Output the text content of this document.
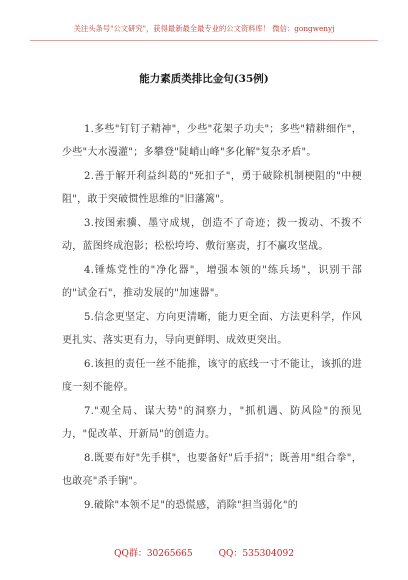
关注头条号"公文研究"，获得最新最全最专业的公文资料库！ 微信：gongwenyj
能力素质类排比金句(35例)

1.多些"钉钉子精神"，少些"花架子功夫"；多些"精耕细作"，少些"大水漫灌"；多攀登"陡峭山峰"多化解"复杂矛盾"。

2.善于解开利益纠葛的"死扣子"，勇于破除机制梗阻的"中梗阻"，敢于突破惯性思维的"旧藩篱"。

3.按图索骥、墨守成规，创造不了奇迹；拨一拨动、不拨不动，蓝图终成泡影；松松垮垮、敷衍塞责，打不赢攻坚战。

4.锤炼党性的"净化器"，增强本领的"练兵场"，识别干部的"试金石"，推动发展的"加速器"。

5.信念更坚定、方向更清晰，能力更全面、方法更科学，作风更扎实、落实更有力，导向更鲜明、成效更突出。

6.该担的责任一丝不能推，该守的底线一寸不能让，该抓的进度一刻不能停。

7."观全局、谋大势"的洞察力，"抓机遇、防风险"的预见力，"促改革、开新局"的创造力。

8.既要布好"先手棋"，也要备好"后手招"；既善用"组合拳"，也敢亮"杀手锏"。

9.破除"本领不足"的恐慌感，消除"担当弱化"的

QQ群：30265665	QQ：535304092
